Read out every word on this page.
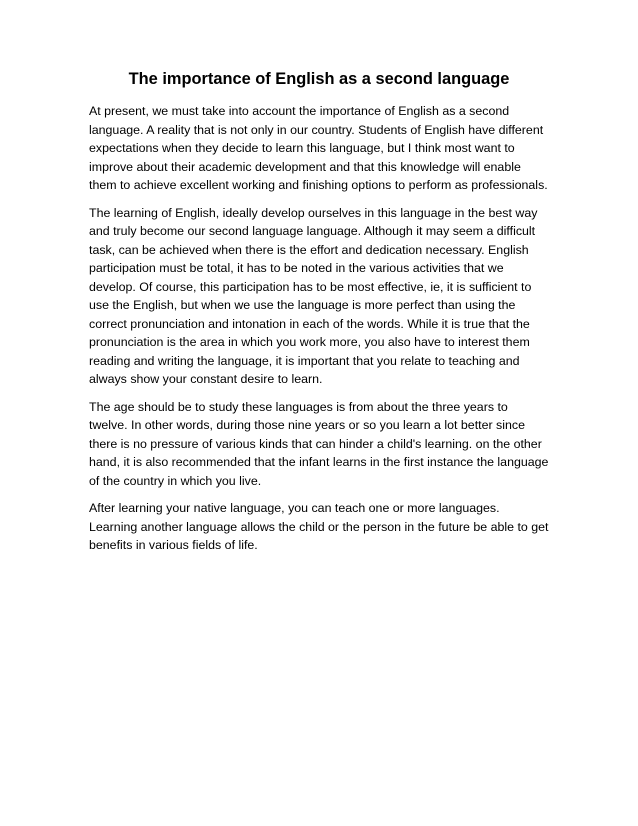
The importance of English as a second language

At present, we must take into account the importance of English as a second language. A reality that is not only in our country. Students of English have different expectations when they decide to learn this language, but I think most want to improve about their academic development and that this knowledge will enable them to achieve excellent working and finishing options to perform as professionals.

The learning of English, ideally develop ourselves in this language in the best way and truly become our second language language. Although it may seem a difficult task, can be achieved when there is the effort and dedication necessary. English participation must be total, it has to be noted in the various activities that we develop. Of course, this participation has to be most effective, ie, it is sufficient to use the English, but when we use the language is more perfect than using the correct pronunciation and intonation in each of the words. While it is true that the pronunciation is the area in which you work more, you also have to interest them reading and writing the language, it is important that you relate to teaching and always show your constant desire to learn.

The age should be to study these languages is from about the three years to twelve. In other words, during those nine years or so you learn a lot better since there is no pressure of various kinds that can hinder a child's learning. on the other hand, it is also recommended that the infant learns in the first instance the language of the country in which you live.

After learning your native language, you can teach one or more languages. Learning another language allows the child or the person in the future be able to get benefits in various fields of life.
